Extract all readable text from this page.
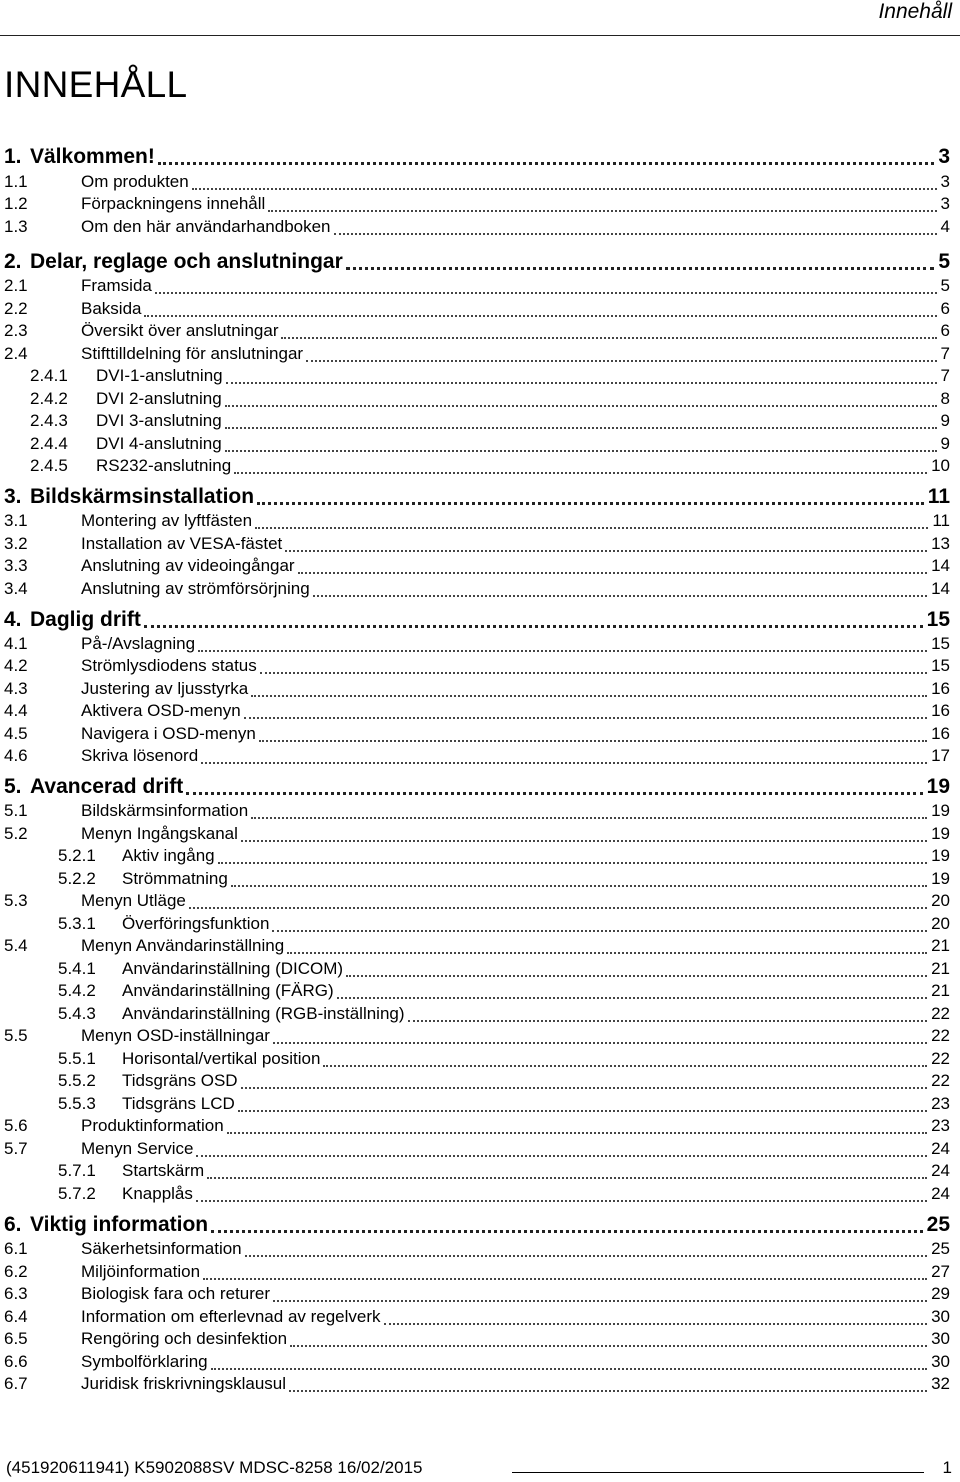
Innehåll
INNEHÅLL
1. Välkommen!	3
1.1	Om produkten	3
1.2	Förpackningens innehåll	3
1.3	Om den här användarhandboken	4
2. Delar, reglage och anslutningar	5
2.1	Framsida	5
2.2	Baksida	6
2.3	Översikt över anslutningar	6
2.4	Stifttilldelning för anslutningar	7
2.4.1 DVI-1-anslutning	7
2.4.2 DVI 2-anslutning	8
2.4.3 DVI 3-anslutning	9
2.4.4 DVI 4-anslutning	9
2.4.5 RS232-anslutning	10
3. Bildskärmsinstallation	11
3.1	Montering av lyftfästen	11
3.2	Installation av VESA-fästet	13
3.3	Anslutning av videoingångar	14
3.4	Anslutning av strömförsörjning	14
4. Daglig drift	15
4.1	På-/Avslagning	15
4.2	Strömlysdiodens status	15
4.3	Justering av ljusstyrka	16
4.4	Aktivera OSD-menyn	16
4.5	Navigera i OSD-menyn	16
4.6	Skriva lösenord	17
5. Avancerad drift	19
5.1	Bildskärmsinformation	19
5.2	Menyn Ingångskanal	19
5.2.1 Aktiv ingång	19
5.2.2 Strömmatning	19
5.3	Menyn Utläge	20
5.3.1 Överföringsfunktion	20
5.4	Menyn Användarinställning	21
5.4.1 Användarinställning (DICOM)	21
5.4.2 Användarinställning (FÄRG)	21
5.4.3 Användarinställning (RGB-inställning)	22
5.5	Menyn OSD-inställningar	22
5.5.1 Horisontal/vertikal position	22
5.5.2 Tidsgräns OSD	22
5.5.3 Tidsgräns LCD	23
5.6	Produktinformation	23
5.7	Menyn Service	24
5.7.1 Startskärm	24
5.7.2 Knapplås	24
6. Viktig information	25
6.1	Säkerhetsinformation	25
6.2	Miljöinformation	27
6.3	Biologisk fara och returer	29
6.4	Information om efterlevnad av regelverk	30
6.5	Rengöring och desinfektion	30
6.6	Symbolförklaring	30
6.7	Juridisk friskrivningsklausul	32
(451920611941) K5902088SV MDSC-8258 16/02/2015	1
